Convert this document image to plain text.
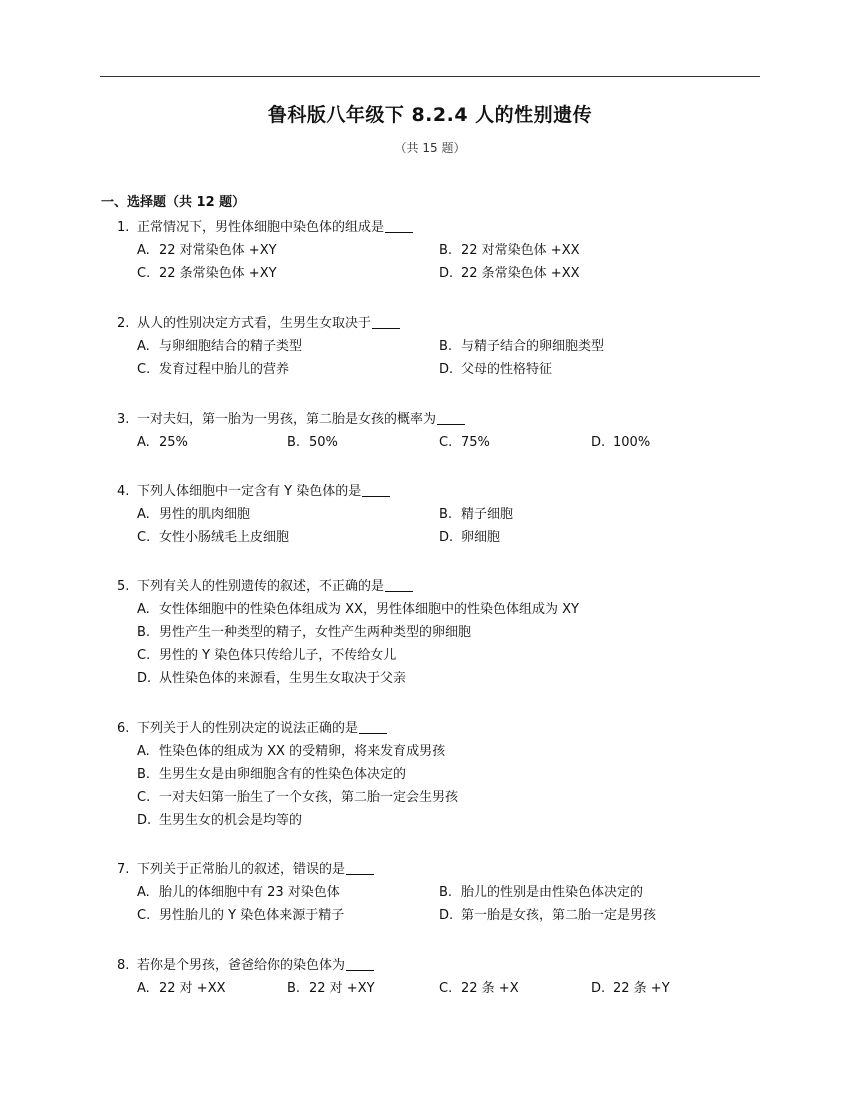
鲁科版八年级下 8.2.4 人的性别遗传
（共 15 题）
一、选择题（共 12 题）
1. 正常情况下，男性体细胞中染色体的组成是
A. 22 对常染色体 +XY	B. 22 对常染色体 +XX
C. 22 条常染色体 +XY	D. 22 条常染色体 +XX
2. 从人的性别决定方式看，生男生女取决于
A. 与卵细胞结合的精子类型	B. 与精子结合的卵细胞类型
C. 发育过程中胎儿的营养	D. 父母的性格特征
3. 一对夫妇，第一胎为一男孩，第二胎是女孩的概率为
A. 25%	B. 50%	C. 75%	D. 100%
4. 下列人体细胞中一定含有 Y 染色体的是
A. 男性的肌肉细胞	B. 精子细胞
C. 女性小肠绒毛上皮细胞	D. 卵细胞
5. 下列有关人的性别遗传的叙述，不正确的是
A. 女性体细胞中的性染色体组成为 XX，男性体细胞中的性染色体组成为 XY
B. 男性产生一种类型的精子，女性产生两种类型的卵细胞
C. 男性的 Y 染色体只传给儿子，不传给女儿
D. 从性染色体的来源看，生男生女取决于父亲
6. 下列关于人的性别决定的说法正确的是
A. 性染色体的组成为 XX 的受精卵，将来发育成男孩
B. 生男生女是由卵细胞含有的性染色体决定的
C. 一对夫妇第一胎生了一个女孩，第二胎一定会生男孩
D. 生男生女的机会是均等的
7. 下列关于正常胎儿的叙述，错误的是
A. 胎儿的体细胞中有 23 对染色体	B. 胎儿的性别是由性染色体决定的
C. 男性胎儿的 Y 染色体来源于精子	D. 第一胎是女孩，第二胎一定是男孩
8. 若你是个男孩，爸爸给你的染色体为
A. 22 对 +XX	B. 22 对 +XY	C. 22 条 +X	D. 22 条 +Y
